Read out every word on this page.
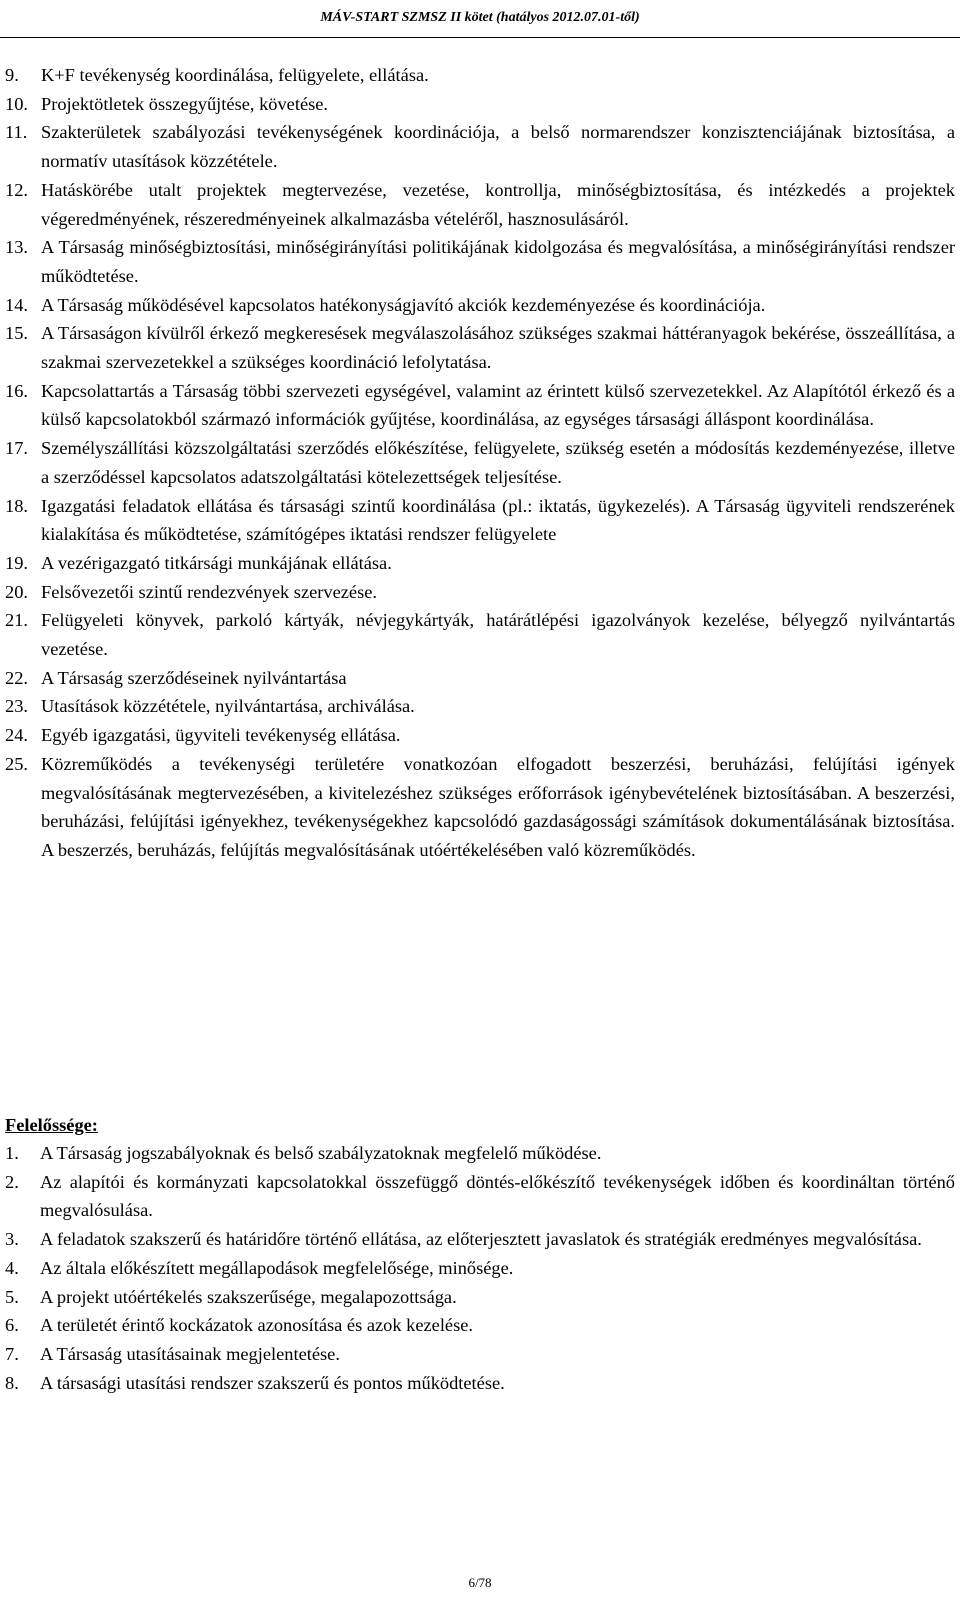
MÁV-START SZMSZ II kötet (hatályos 2012.07.01-től)
9.	K+F tevékenység koordinálása, felügyelete, ellátása.
10. Projektötletek összegyűjtése, követése.
11. Szakterületek szabályozási tevékenységének koordinációja, a belső normarendszer konzisztenciájának biztosítása, a normatív utasítások közzététele.
12. Hatáskörébe utalt projektek megtervezése, vezetése, kontrollja, minőségbiztosítása, és intézkedés a projektek végeredményének, részeredményeinek alkalmazásba vételéről, hasznosulásáról.
13. A Társaság minőségbiztosítási, minőségirányítási politikájának kidolgozása és megvalósítása, a minőségirányítási rendszer működtetése.
14. A Társaság működésével kapcsolatos hatékonyságjavító akciók kezdeményezése és koordinációja.
15. A Társaságon kívülről érkező megkeresések megválaszolásához szükséges szakmai háttéranyagok bekérése, összeállítása, a szakmai szervezetekkel a szükséges koordináció lefolytatása.
16. Kapcsolattartás a Társaság többi szervezeti egységével, valamint az érintett külső szervezetekkel. Az Alapítótól érkező és a külső kapcsolatokból származó információk gyűjtése, koordinálása, az egységes társasági álláspont koordinálása.
17. Személyszállítási közszolgáltatási szerződés előkészítése, felügyelete, szükség esetén a módosítás kezdeményezése, illetve a szerződéssel kapcsolatos adatszolgáltatási kötelezettségek teljesítése.
18. Igazgatási feladatok ellátása és társasági szintű koordinálása (pl.: iktatás, ügykezelés). A Társaság ügyviteli rendszerének kialakítása és működtetése, számítógépes iktatási rendszer felügyelete
19. A vezérigazgató titkársági munkájának ellátása.
20. Felsővezetői szintű rendezvények szervezése.
21. Felügyeleti könyvek, parkoló kártyák, névjegykártyák, határátlépési igazolványok kezelése, bélyegző nyilvántartás vezetése.
22. A Társaság szerződéseinek nyilvántartása
23. Utasítások közzététele, nyilvántartása, archiválása.
24. Egyéb igazgatási, ügyviteli tevékenység ellátása.
25. Közreműködés a tevékenységi területére vonatkozóan elfogadott beszerzési, beruházási, felújítási igények megvalósításának megtervezésében, a kivitelezéshez szükséges erőforrások igénybevételének biztosításában. A beszerzési, beruházási, felújítási igényekhez, tevékenységekhez kapcsolódó gazdaságossági számítások dokumentálásának biztosítása. A beszerzés, beruházás, felújítás megvalósításának utóértékelésében való közreműködés.
Felelőssége:
1.	A Társaság jogszabályoknak és belső szabályzatoknak megfelelő működése.
2.	Az alapítói és kormányzati kapcsolatokkal összefüggő döntés-előkészítő tevékenységek időben és koordináltan történő megvalósulása.
3.	A feladatok szakszerű és határidőre történő ellátása, az előterjesztett javaslatok és stratégiák eredményes megvalósítása.
4.	Az általa előkészített megállapodások megfelelősége, minősége.
5.	A projekt utóértékelés szakszerűsége, megalapozottsága.
6.	A területét érintő kockázatok azonosítása és azok kezelése.
7.	A Társaság utasításainak megjelentetése.
8.	A társasági utasítási rendszer szakszerű és pontos működtetése.
6/78
